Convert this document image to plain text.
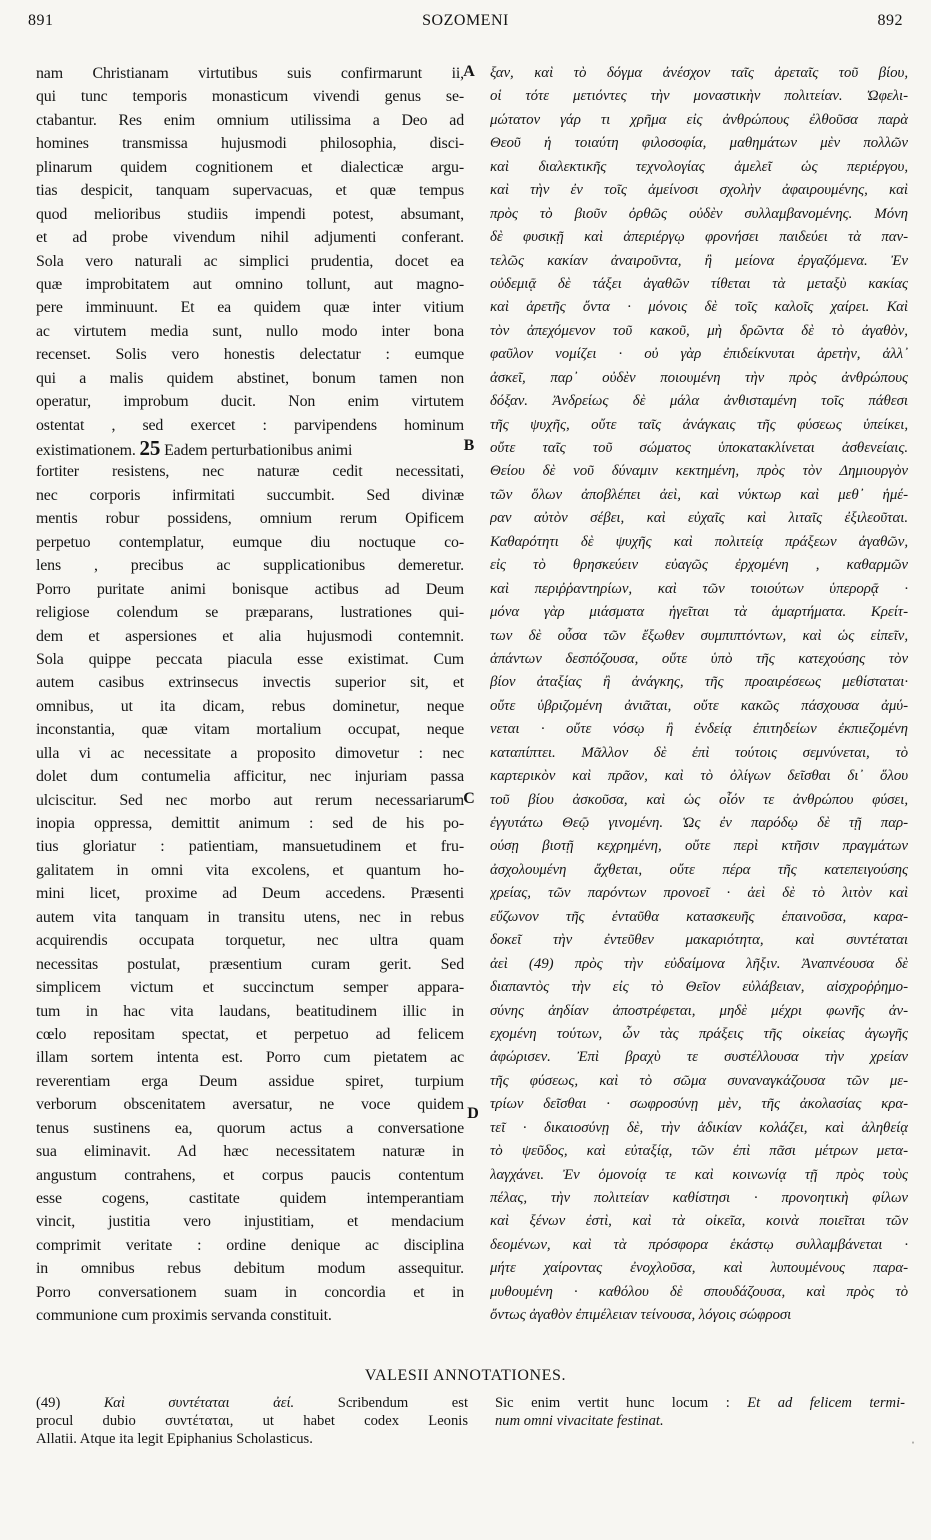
891	SOZOMENI	892
nam Christianam virtutibus suis confirmarunt ii,
qui tunc temporis monasticum vivendi genus se-
ctabantur. Res enim omnium utilissima a Deo ad
homines transmissa hujusmodi philosophia, disci-
plinarum quidem cognitionem et dialecticæ argu-
tias despicit, tanquam supervacuas, et quæ tempus
quod melioribus studiis impendi potest, absumant,
et ad probe vivendum nihil adjumenti conferant.
Sola vero naturali ac simplici prudentia, docet ea
quæ improbitatem aut omnino tollunt, aut magno-
pere imminuunt. Et ea quidem quæ inter vitium
ac virtutem media sunt, nullo modo inter bona
recenset. Solis vero honestis delectatur : eumque
qui a malis quidem abstinet, bonum tamen non
operatur, improbum ducit. Non enim virtutem
ostentat , sed exercet : parvipendens hominum
existimationem. 25 Eadem perturbationibus animi
fortiter resistens, nec naturæ cedit necessitati,
nec corporis infirmitati succumbit. Sed divinæ
mentis robur possidens, omnium rerum Opificem
perpetuo contemplatur, eumque diu noctuque co-
lens , precibus ac supplicationibus demeretur.
Porro puritate animi bonisque actibus ad Deum
religiose colendum se præparans, lustrationes qui-
dem et aspersiones et alia hujusmodi contemnit.
Sola quippe peccata piacula esse existimat. Cum
autem casibus extrinsecus invectis superior sit, et
omnibus, ut ita dicam, rebus dominetur, neque
inconstantia, quæ vitam mortalium occupat, neque
ulla vi ac necessitate a proposito dimovetur : nec
dolet dum contumelia afficitur, nec injuriam passa
ulciscitur. Sed nec morbo aut rerum necessariarum
inopia oppressa, demittit animum : sed de his po-
tius gloriatur : patientiam, mansuetudinem et fru-
galitatem in omni vita excolens, et quantum ho-
mini licet, proxime ad Deum accedens. Præsenti
autem vita tanquam in transitu utens, nec in rebus
acquirendis occupata torquetur, nec ultra quam
necessitas postulat, præsentium curam gerit. Sed
simplicem victum et succinctum semper appara-
tum in hac vita laudans, beatitudinem illic in
cœlo repositam spectat, et perpetuo ad felicem
illam sortem intenta est. Porro cum pietatem ac
reverentiam erga Deum assidue spiret, turpium
verborum obscenitatem aversatur, ne voce quidem
tenus sustinens ea, quorum actus a conversatione
sua eliminavit. Ad hæc necessitatem naturæ in
angustum contrahens, et corpus paucis contentum
esse cogens, castitate quidem intemperantiam
vincit, justitia vero injustitiam, et mendacium
comprimit veritate : ordine denique ac disciplina
in omnibus rebus debitum modum assequitur.
Porro conversationem suam in concordia et in
communione cum proximis servanda constituit.
ξαν, καὶ τὸ δόγμα ἀνέσχον ταῖς ἀρεταῖς τοῦ βίου,
οἱ τότε μετιόντες τὴν μοναστικὴν πολιτείαν. Ὠφελι-
μώτατον γάρ τι χρῆμα εἰς ἀνθρώπους ἐλθοῦσα παρὰ
Θεοῦ ἡ τοιαύτη φιλοσοφία, μαθημάτων μὲν πολλῶν
καὶ διαλεκτικῆς τεχνολογίας ἀμελεῖ ὡς περιέργου,
καὶ τὴν ἐν τοῖς ἀμείνοσι σχολὴν ἀφαιρουμένης, καὶ
πρὸς τὸ βιοῦν ὀρθῶς οὐδὲν συλλαμβανομένης. Μόνη
δὲ φυσικῇ καὶ ἀπεριέργῳ φρονήσει παιδεύει τὰ παν-
τελῶς κακίαν ἀναιροῦντα, ἢ μείονα ἐργαζόμενα. Ἐν
οὐδεμιᾷ δὲ τάξει ἀγαθῶν τίθεται τὰ μεταξὺ κακίας
καὶ ἀρετῆς ὄντα · μόνοις δὲ τοῖς καλοῖς χαίρει. Καὶ
τὸν ἀπεχόμενον τοῦ κακοῦ, μὴ δρῶντα δὲ τὸ ἀγαθὸν,
φαῦλον νομίζει · οὐ γὰρ ἐπιδείκνυται ἀρετὴν, ἀλλ᾽
ἀσκεῖ, παρ᾽ οὐδὲν ποιουμένη τὴν πρὸς ἀνθρώπους
δόξαν. Ἀνδρείως δὲ μάλα ἀνθισταμένη τοῖς πάθεσι
τῆς ψυχῆς, οὔτε ταῖς ἀνάγκαις τῆς φύσεως ὑπείκει,
οὔτε ταῖς τοῦ σώματος ὑποκατακλίνεται ἀσθενείαις.
Θείου δὲ νοῦ δύναμιν κεκτημένη, πρὸς τὸν Δημιουργὸν
τῶν ὅλων ἀποβλέπει ἀεὶ, καὶ νύκτωρ καὶ μεθ᾽ ἡμέ-
ραν αὐτὸν σέβει, καὶ εὐχαῖς καὶ λιταῖς ἐξιλεοῦται.
Καθαρότητι δὲ ψυχῆς καὶ πολιτείᾳ πράξεων ἀγαθῶν,
εἰς τὸ θρησκεύειν εὐαγῶς ἐρχομένη , καθαρμῶν
καὶ περιῤῥαντηρίων, καὶ τῶν τοιούτων ὑπερορᾷ ·
μόνα γὰρ μιάσματα ἡγεῖται τὰ ἁμαρτήματα. Κρείτ-
των δὲ οὖσα τῶν ἔξωθεν συμπιπτόντων, καὶ ὡς εἰπεῖν,
ἁπάντων δεσπόζουσα, οὔτε ὑπὸ τῆς κατεχούσης τὸν
βίον ἀταξίας ἢ ἀνάγκης, τῆς προαιρέσεως μεθίσταται·
οὔτε ὑβριζομένη ἀνιᾶται, οὔτε κακῶς πάσχουσα ἀμύ-
νεται · οὔτε νόσῳ ἢ ἐνδείᾳ ἐπιτηδείων ἐκπιεζομένη
καταπίπτει. Μᾶλλον δὲ ἐπὶ τούτοις σεμνύνεται, τὸ
καρτερικὸν καὶ πρᾶον, καὶ τὸ ὀλίγων δεῖσθαι δι᾽ ὅλου
τοῦ βίου ἀσκοῦσα, καὶ ὡς οἷόν τε ἀνθρώπου φύσει,
ἐγγυτάτω Θεῷ γινομένη. Ὡς ἐν παρόδῳ δὲ τῇ παρ-
ούσῃ βιοτῇ κεχρημένη, οὔτε περὶ κτῆσιν πραγμάτων
ἀσχολουμένη ἄχθεται, οὔτε πέρα τῆς κατεπειγούσης
χρείας, τῶν παρόντων προνοεῖ · ἀεὶ δὲ τὸ λιτὸν καὶ
εὔζωνον τῆς ἐνταῦθα κατασκευῆς ἐπαινοῦσα, καρα-
δοκεῖ τὴν ἐντεῦθεν μακαριότητα, καὶ συντέταται
ἀεὶ (49) πρὸς τὴν εὐδαίμονα λῆξιν. Ἀναπνέουσα δὲ
διαπαντὸς τὴν εἰς τὸ Θεῖον εὐλάβειαν, αἰσχροῤῥημο-
σύνης ἀηδίαν ἀποστρέφεται, μηδὲ μέχρι φωνῆς ἀν-
εχομένη τούτων, ὧν τὰς πράξεις τῆς οἰκείας ἀγωγῆς
ἀφώρισεν. Ἐπὶ βραχὺ τε συστέλλουσα τὴν χρείαν
τῆς φύσεως, καὶ τὸ σῶμα συναναγκάζουσα τῶν με-
τρίων δεῖσθαι · σωφροσύνῃ μὲν, τῆς ἀκολασίας κρα-
τεῖ · δικαιοσύνῃ δὲ, τὴν ἀδικίαν κολάζει, καὶ ἀληθείᾳ
τὸ ψεῦδος, καὶ εὐταξίᾳ, τῶν ἐπὶ πᾶσι μέτρων μετα-
λαγχάνει. Ἐν ὁμονοίᾳ τε καὶ κοινωνίᾳ τῇ πρὸς τοὺς
πέλας, τὴν πολιτείαν καθίστησι · προνοητικὴ φίλων
καὶ ξένων ἐστὶ, καὶ τὰ οἰκεῖα, κοινὰ ποιεῖται τῶν
δεομένων, καὶ τὰ πρόσφορα ἑκάστῳ συλλαμβάνεται ·
μήτε χαίροντας ἐνοχλοῦσα, καὶ λυπουμένους παρα-
μυθουμένη · καθόλου δὲ σπουδάζουσα, καὶ πρὸς τὸ
ὄντως ἀγαθὸν ἐπιμέλειαν τείνουσα, λόγοις σώφροσι
A
B
C
D
VALESII ANNOTATIONES.
(49)	Καὶ συντέταται ἀεί.	Scribendum est
procul dubio συντέταται, ut habet codex Leonis
Allatii. Atque ita legit Epiphanius Scholasticus.
Sic enim vertit hunc locum : Et ad felicem termi-
num omni vivacitate festinat.
ˈ
